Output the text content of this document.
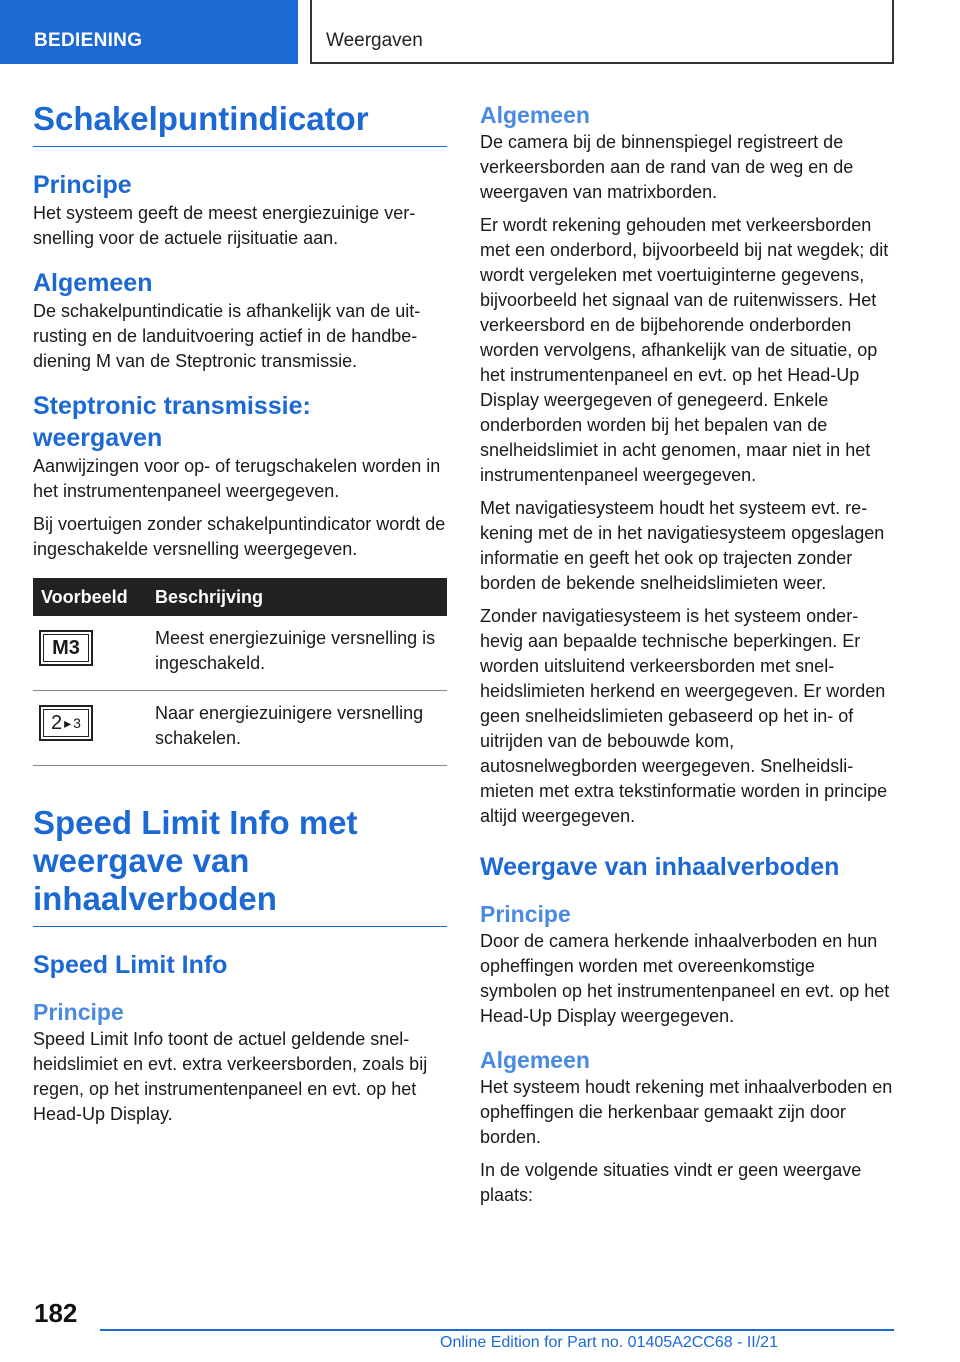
BEDIENING	Weergaven
Schakelpuntindicator
Principe

Het systeem geeft de meest energiezuinige versnelling voor de actuele rijsituatie aan.

Algemeen

De schakelpuntindicatie is afhankelijk van de uitrusting en de landuitvoering actief in de handbediening M van de Steptronic transmissie.

Steptronic transmissie: weergaven

Aanwijzingen voor op- of terugschakelen worden in het instrumentenpaneel weergegeven.

Bij voertuigen zonder schakelpuntindicator wordt de ingeschakelde versnelling weergegeven.

Voorbeeld	Beschrijving

M3	Meest energiezuinige versnelling is ingeschakeld.

2 ▸ 3	Naar energiezuinigere versnelling schakelen.
Speed Limit Info met weergave van inhaalverboden
Speed Limit Info
Principe

Speed Limit Info toont de actuel geldende snelheidslimiet en evt. extra verkeersborden, zoals bij regen, op het instrumentenpaneel en evt. op het Head-Up Display.

Algemeen

De camera bij de binnenspiegel registreert de verkeersborden aan de rand van de weg en de weergaven van matrixborden.

Er wordt rekening gehouden met verkeersborden met een onderbord, bijvoorbeeld bij nat wegdek; dit wordt vergeleken met voertuiginterne gegevens, bijvoorbeeld het signaal van de ruitenwissers. Het verkeersbord en de bijbehorende onderborden worden vervolgens, afhankelijk van de situatie, op het instrumentenpaneel en evt. op het Head-Up Display weergegeven of genegeerd. Enkele onderborden worden bij het bepalen van de snelheidslimiet in acht genomen, maar niet in het instrumentenpaneel weergegeven.

Met navigatiesysteem houdt het systeem evt. rekening met de in het navigatiesysteem opgeslagen informatie en geeft het ook op trajecten zonder borden de bekende snelheidslimieten weer.

Zonder navigatiesysteem is het systeem onderhevig aan bepaalde technische beperkingen. Er worden uitsluitend verkeersborden met snelheidslimieten herkend en weergegeven. Er worden geen snelheidslimieten gebaseerd op het in- of uitrijden van de bebouwde kom, autosnelwegborden weergegeven. Snelheidslimieten met extra tekstinformatie worden in principe altijd weergegeven.

Weergave van inhaalverboden
Principe

Door de camera herkende inhaalverboden en hun opheffingen worden met overeenkomstige symbolen op het instrumentenpaneel en evt. op het Head-Up Display weergegeven.

Algemeen

Het systeem houdt rekening met inhaalverboden en opheffingen die herkenbaar gemaakt zijn door borden.

In de volgende situaties vindt er geen weergave plaats:

182
Online Edition for Part no. 01405A2CC68 - II/21
